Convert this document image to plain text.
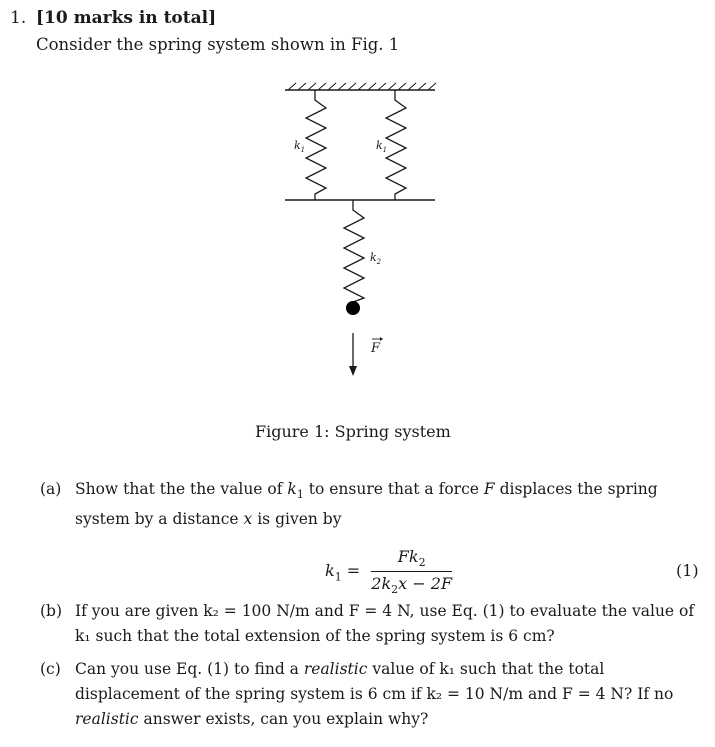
1. [10 marks in total]
Consider the spring system shown in Fig. 1
$k_1$	$k_1$
$k_2$
F
Figure 1: Spring system
(a) Show that the the value of $k_1$ to ensure that a force F displaces the spring system by a distance x is given by
$k_1 = \frac{Fk_2}{2k_2x - 2F}$	(1)
(b) If you are given k₂ = 100 N/m and F = 4 N, use Eq. (1) to evaluate the value of k₁ such that the total extension of the spring system is 6 cm?
(c) Can you use Eq. (1) to find a realistic value of k₁ such that the total displacement of the spring system is 6 cm if k₂ = 10 N/m and F = 4 N? If no realistic answer exists, can you explain why?
